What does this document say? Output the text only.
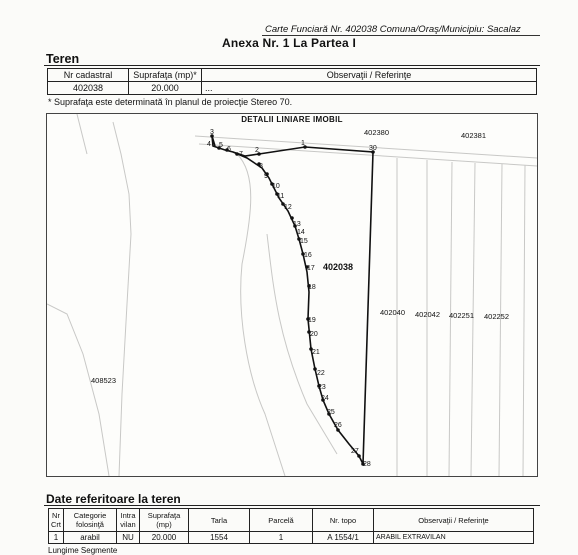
Carte Funciară Nr. 402038 Comuna/Oraş/Municipiu: Sacalaz
Anexa Nr. 1 La Partea I
Teren
Nr cadastral	Suprafaţa (mp)*	Observaţii / Referinţe
402038	20.000	...
* Suprafaţa este determinată în planul de proiecţie Stereo 70.
DETALII LINIARE IMOBIL
3
4 5
6
7
2
1
30
8
9
10
11
12
13
14
15
16
17
18
19
20
21
22
23
24
25
26
27
28
402038
402380	402381
402040 402042 402251 402252
408523
Date referitoare la teren
Nr Crt	Categorie folosinţă	Intra vilan	Suprafaţa (mp)	Tarla	Parcelă	Nr. topo	Observaţii / Referinţe
1	arabil	NU	20.000	1554	1	A 1554/1	ARABIL EXTRAVILAN
Lungime Segmente
